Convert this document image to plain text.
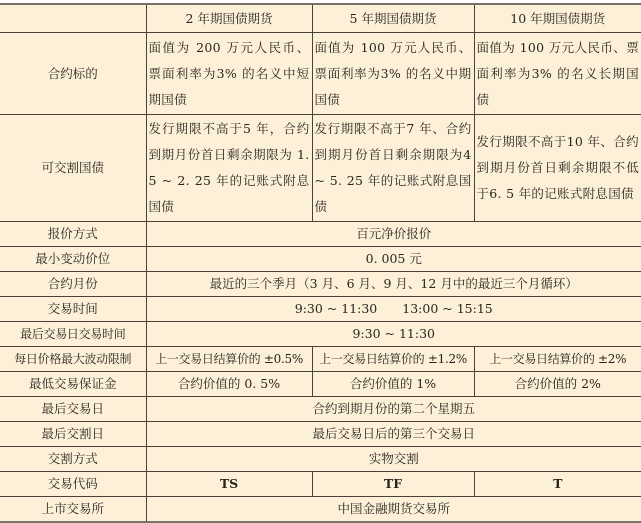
	2 年期国债期货	5 年期国债期货	10 年期国债期货
合约标的	面值为 200 万元人民币、票面利率为3% 的名义中短期国债	面值为 100 万元人民币、票面利率为3% 的名义中期国债	面值为 100 万元人民币、票面利率为3% 的名义长期国债
可交割国债	发行期限不高于5 年，合约到期月份首日剩余期限为 1. 5 ~ 2. 25 年的记账式附息国债	发行期限不高于7 年、合约到期月份首日剩余期限为4 ~ 5. 25 年的记账式附息国债	发行期限不高于10 年、合约到期月份首日剩余期限不低于6. 5 年的记账式附息国债
报价方式	百元净价报价		
最小变动价位	0. 005 元		
合约月份	最近的三个季月（3 月、6 月、9 月、12 月中的最近三个月循环）		
交易时间	9:30 ~ 11:30　　13:00 ~ 15:15		
最后交易日交易时间	9:30 ~ 11:30		
每日价格最大波动限制	上一交易日结算价的 ±0.5%	上一交易日结算价的 ±1.2%	上一交易日结算价的 ±2%
最低交易保证金	合约价值的 0. 5%	合约价值的 1%	合约价值的 2%
最后交易日	合约到期月份的第二个星期五		
最后交割日	最后交易日后的第三个交易日		
交割方式	实物交割		
交易代码	TS	TF	T
上市交易所	中国金融期货交易所		
